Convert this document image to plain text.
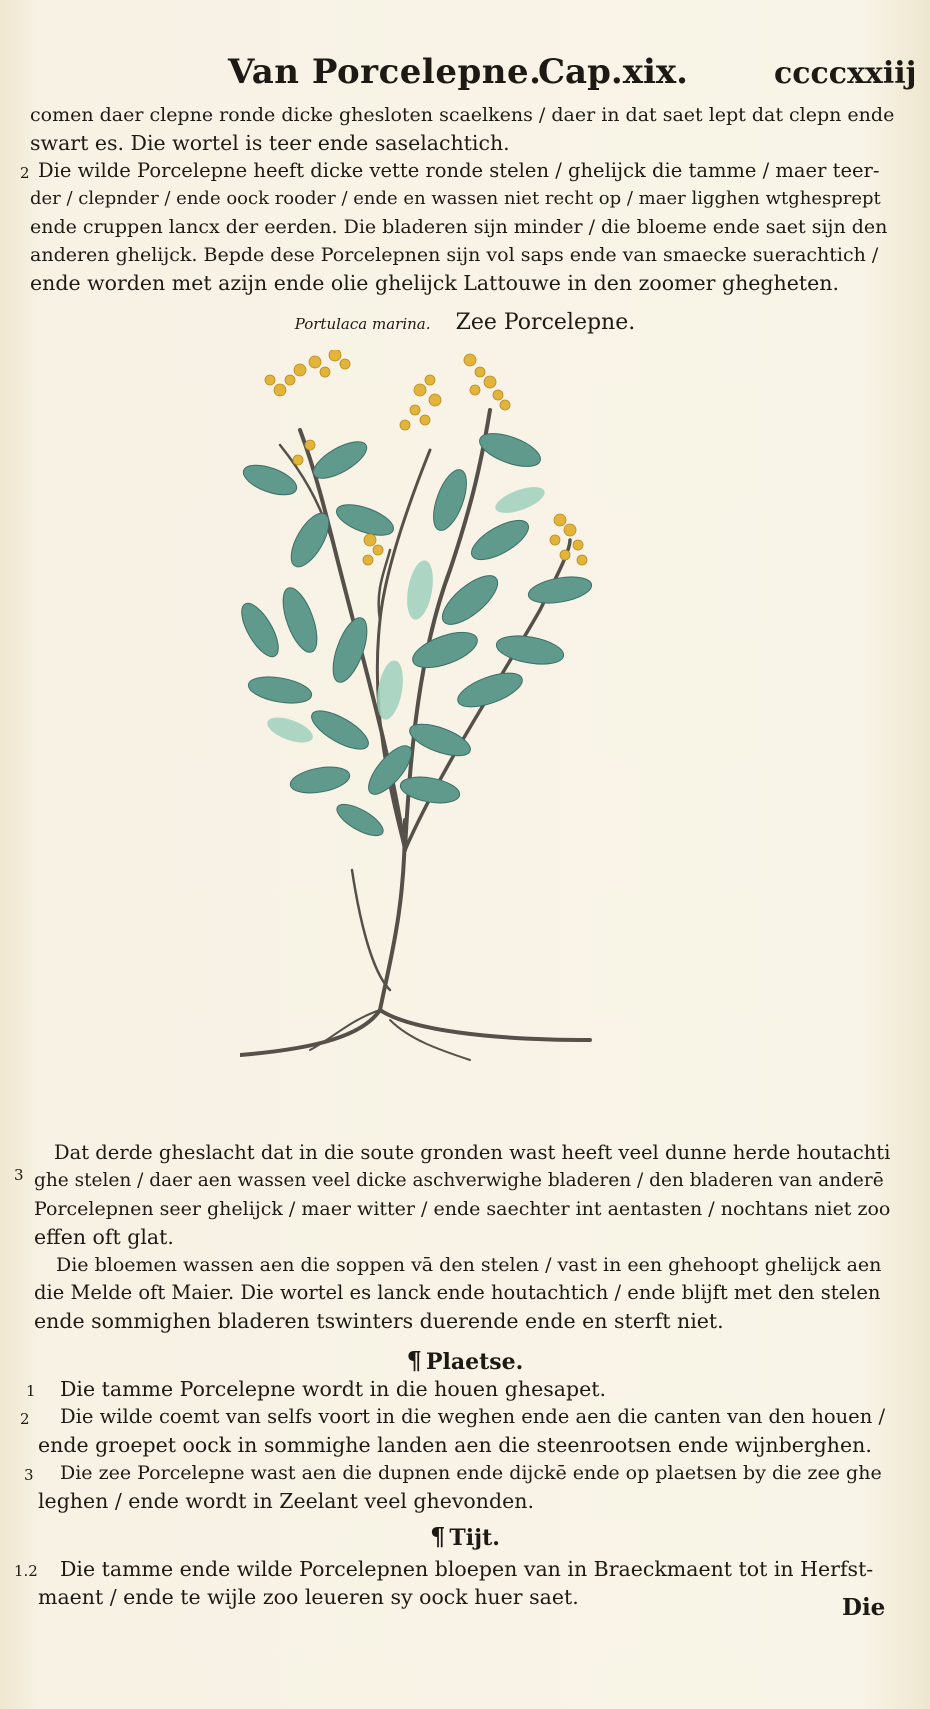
Van Porcelepne.
Cap.xix.	ccccxxiij
comen daer clepne ronde dicke ghesloten scaelkens / daer in dat saet lept dat clepn ende
swart es. Die wortel is teer ende saselachtich.
2 Die wilde Porcelepne heeft dicke vette ronde stelen / ghelijck die tamme / maer teer-
der / clepnder / ende oock rooder / ende en wassen niet recht op / maer ligghen wtghesprept
ende cruppen lancx der eerden. Die bladeren sijn minder / die bloeme ende saet sijn den
anderen ghelijck. Bepde dese Porcelepnen sijn vol saps ende van smaecke suerachtich /
ende worden met azijn ende olie ghelijck Lattouwe in den zoomer ghegheten.
Portulaca marina. Zee Porcelepne.
3
Dat derde gheslacht dat in die soute gronden wast heeft veel dunne herde houtachti
ghe stelen / daer aen wassen veel dicke aschverwighe bladeren / den bladeren van anderē
Porcelepnen seer ghelijck / maer witter / ende saechter int aentasten / nochtans niet zoo
effen oft glat.
Die bloemen wassen aen die soppen vā den stelen / vast in een ghehoopt ghelijck aen
die Melde oft Maier. Die wortel es lanck ende houtachtich / ende blijft met den stelen
ende sommighen bladeren tswinters duerende ende en sterft niet.
¶ Plaetse.
1 Die tamme Porcelepne wordt in die houen ghesapet.
2 Die wilde coemt van selfs voort in die weghen ende aen die canten van den houen /
ende groepet oock in sommighe landen aen die steenrootsen ende wijnberghen.
3 Die zee Porcelepne wast aen die dupnen ende dijckē ende op plaetsen by die zee ghe
leghen / ende wordt in Zeelant veel ghevonden.
¶ Tijt.
1.2 Die tamme ende wilde Porcelepnen bloepen van in Braeckmaent tot in Herfst-
maent / ende te wijle zoo leueren sy oock huer saet.	Die
